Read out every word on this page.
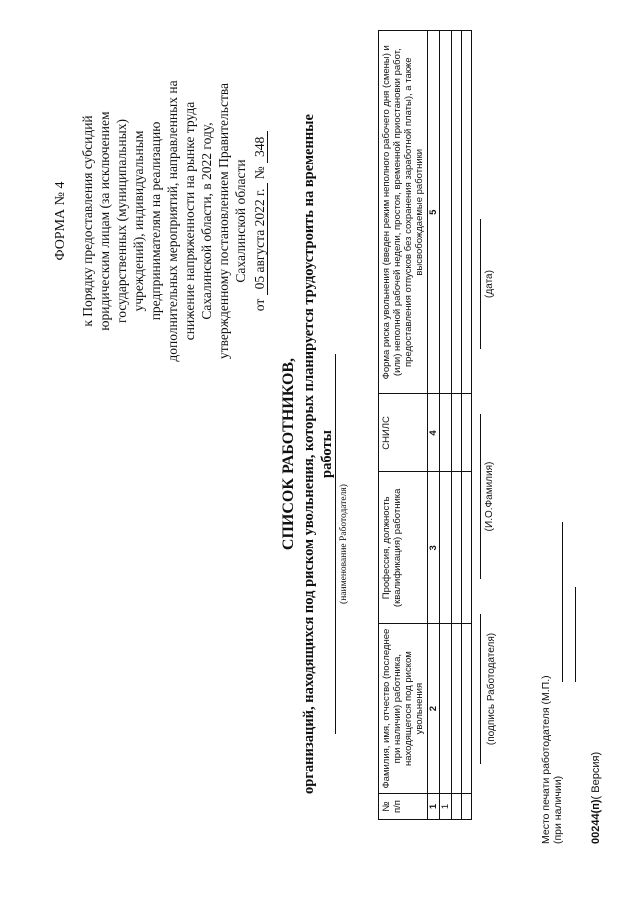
ФОРМА № 4 к Порядку предоставления субсидий юридическим лицам (за исключением государственных (муниципальных) учреждений), индивидуальным предпринимателям на реализацию дополнительных мероприятий, направленных на снижение напряженности на рынке труда Сахалинской области, в 2022 году, утвержденному постановлением Правительства Сахалинской области
от 05 августа 2022 г. № 348
СПИСОК РАБОТНИКОВ, организаций, находящихся под риском увольнения, которых планируется трудоустроить на временные работы
(наименование Работодателя)
№ п/п	Фамилия, имя, отчество (последнее при наличии) работника, находящегося под риском увольнения	Профессия, должность (квалификация) работника	СНИЛС	Форма риска увольнения (введен режим неполного рабочего дня (смены) и (или) неполной рабочей недели, простоя, временной приостановки работ, предоставления отпусков без сохранения заработной платы), а также высвобождаемые работники
1	2	3	4	5
1				

(подпись Работодателя)
(И.О.Фамилия)
(дата)
Место печати работодателя (М.П.) (при наличии) 00244(п)( Версия)
